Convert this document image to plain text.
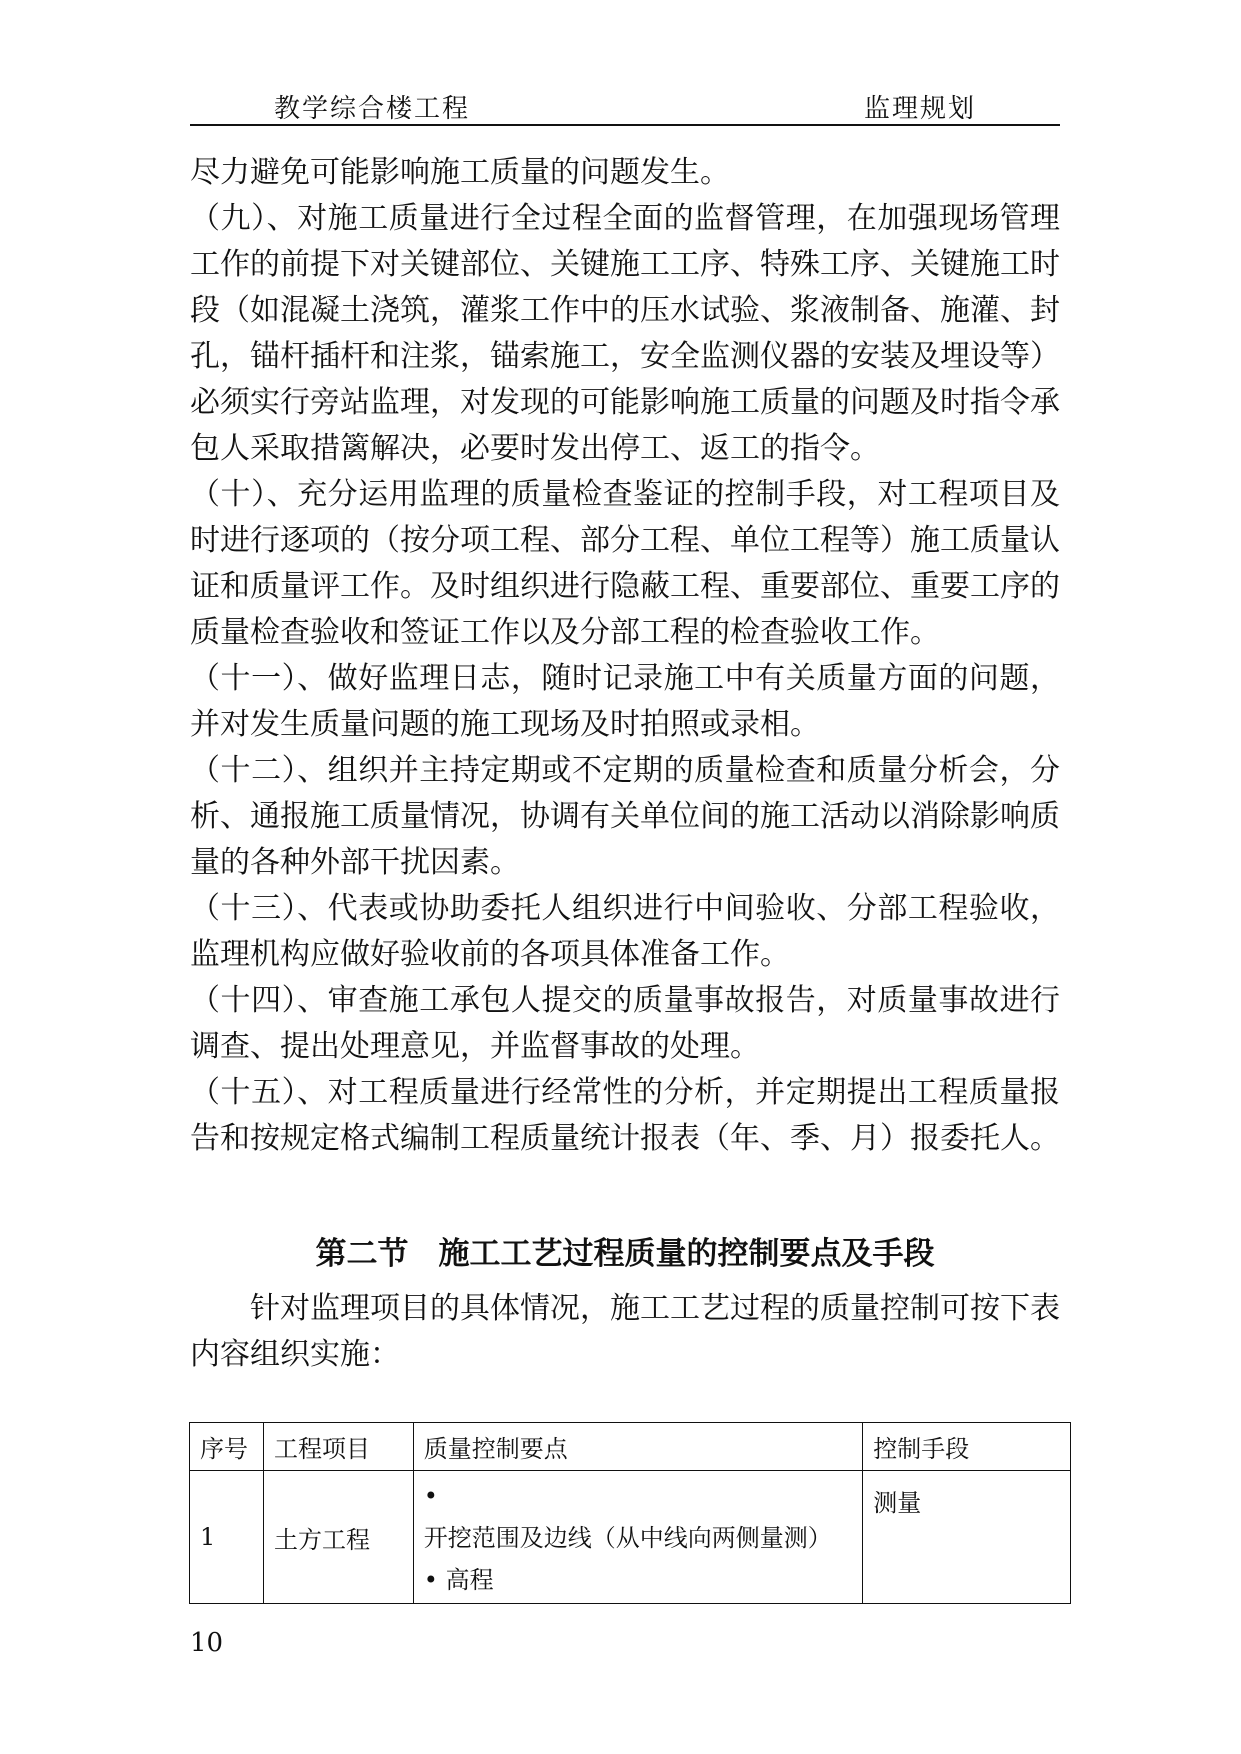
教学综合楼工程	监理规划

尽力避免可能影响施工质量的问题发生。

（九）、对施工质量进行全过程全面的监督管理，在加强现场管理工作的前提下对关键部位、关键施工工序、特殊工序、关键施工时段（如混凝土浇筑，灌浆工作中的压水试验、浆液制备、施灌、封孔，锚杆插杆和注浆，锚索施工，安全监测仪器的安装及埋设等）必须实行旁站监理，对发现的可能影响施工质量的问题及时指令承包人采取措篱解决，必要时发出停工、返工的指令。

（十）、充分运用监理的质量检查鉴证的控制手段，对工程项目及时进行逐项的（按分项工程、部分工程、单位工程等）施工质量认证和质量评工作。及时组织进行隐蔽工程、重要部位、重要工序的质量检查验收和签证工作以及分部工程的检查验收工作。

（十一）、做好监理日志，随时记录施工中有关质量方面的问题，并对发生质量问题的施工现场及时拍照或录相。

（十二）、组织并主持定期或不定期的质量检查和质量分析会，分析、通报施工质量情况，协调有关单位间的施工活动以消除影响质量的各种外部干扰因素。

（十三）、代表或协助委托人组织进行中间验收、分部工程验收，监理机构应做好验收前的各项具体准备工作。

（十四）、审查施工承包人提交的质量事故报告，对质量事故进行调查、提出处理意见，并监督事故的处理。

（十五）、对工程质量进行经常性的分析，并定期提出工程质量报告和按规定格式编制工程质量统计报表（年、季、月）报委托人。

第二节 施工工艺过程质量的控制要点及手段

针对监理项目的具体情况，施工工艺过程的质量控制可按下表内容组织实施：

序号	工程项目	质量控制要点	控制手段
1	土方工程	• 开挖范围及边线（从中线向两侧量测）
• 高程	测量
10
